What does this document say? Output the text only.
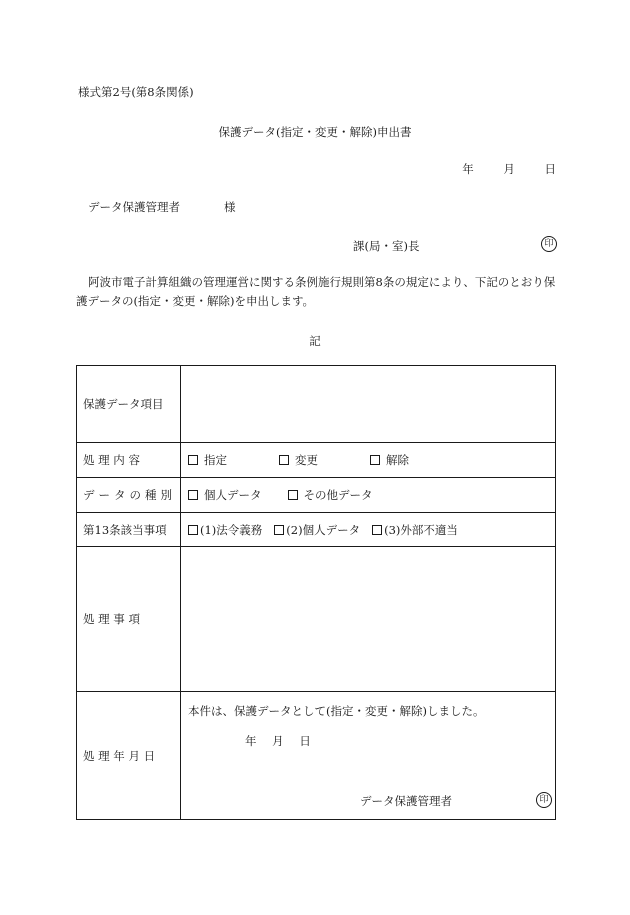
様式第2号(第8条関係)
保護データ(指定・変更・解除)申出書
年	月	日
データ保護管理者	様
課(局・室)長	印
阿波市電子計算組織の管理運営に関する条例施行規則第8条の規定により、下記のとおり保護データの(指定・変更・解除)を申出します。
記
保護データ項目
処 理 内 容	指定	変更	解除
データの種別 個人データ	その他データ
第13条該当事項	(1)法令義務 (2)個人データ (3)外部不適当
処 理 事 項
処 理 年 月 日
本件は、保護データとして(指定・変更・解除)しました。
年 月 日
データ保護管理者	印
